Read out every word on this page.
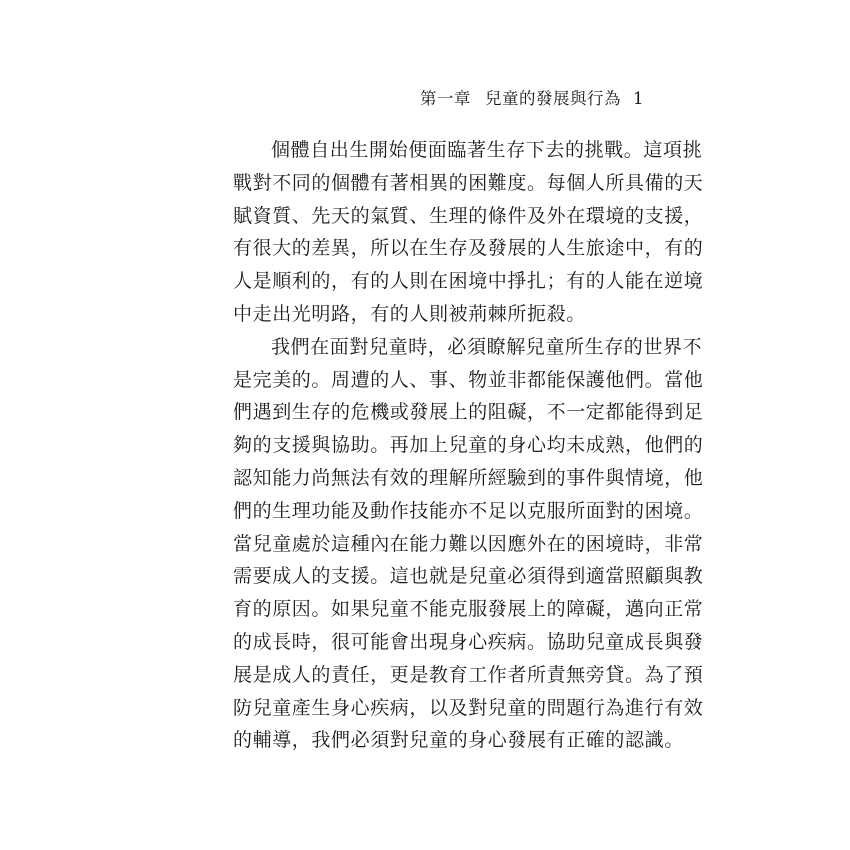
第一章 兒童的發展與行為 1
個體自出生開始便面臨著生存下去的挑戰。這項挑
戰對不同的個體有著相異的困難度。每個人所具備的天
賦資質、先天的氣質、生理的條件及外在環境的支援，
有很大的差異，所以在生存及發展的人生旅途中，有的
人是順利的，有的人則在困境中掙扎；有的人能在逆境
中走出光明路，有的人則被荊棘所扼殺。
我們在面對兒童時，必須瞭解兒童所生存的世界不
是完美的。周遭的人、事、物並非都能保護他們。當他
們遇到生存的危機或發展上的阻礙，不一定都能得到足
夠的支援與協助。再加上兒童的身心均未成熟，他們的
認知能力尚無法有效的理解所經驗到的事件與情境，他
們的生理功能及動作技能亦不足以克服所面對的困境。
當兒童處於這種內在能力難以因應外在的困境時，非常
需要成人的支援。這也就是兒童必須得到適當照顧與教
育的原因。如果兒童不能克服發展上的障礙，邁向正常
的成長時，很可能會出現身心疾病。協助兒童成長與發
展是成人的責任，更是教育工作者所責無旁貸。為了預
防兒童產生身心疾病，以及對兒童的問題行為進行有效
的輔導，我們必須對兒童的身心發展有正確的認識。
